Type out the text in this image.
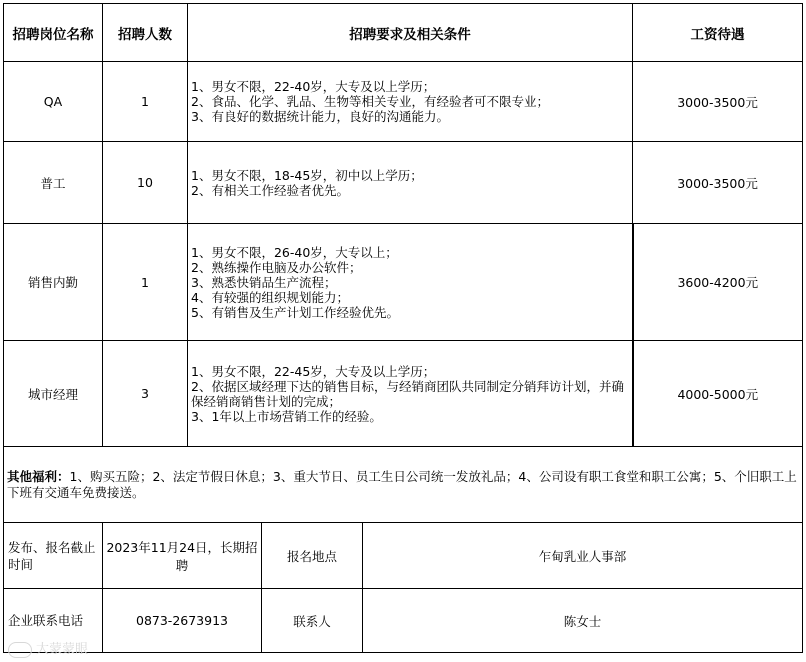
招聘岗位名称	招聘人数	招聘要求及相关条件			工资待遇
QA	1	1、男女不限，22-40岁，大专及以上学历；
2、食品、化学、乳品、生物等相关专业，有经验者可不限专业；
3、有良好的数据统计能力，良好的沟通能力。			3000-3500元
普工	10	1、男女不限，18-45岁，初中以上学历；
2、有相关工作经验者优先。			3000-3500元
销售内勤	1	1、男女不限，26-40岁，大专以上；
2、熟练操作电脑及办公软件；
3、熟悉快销品生产流程；
4、有较强的组织规划能力；
5、有销售及生产计划工作经验优先。			3600-4200元
城市经理	3	1、男女不限，22-45岁，大专及以上学历；
2、依据区域经理下达的销售目标，与经销商团队共同制定分销拜访计划，并确保经销商销售计划的完成；
3、1年以上市场营销工作的经验。			4000-5000元
其他福利：1、购买五险；2、法定节假日休息；3、重大节日、员工生日公司统一发放礼品；4、公司设有职工食堂和职工公寓；5、个旧职工上下班有交通车免费接送。					
发布、报名截止时间	2023年11月24日，长期招聘		报名地点	乍甸乳业人事部	
企业联系电话	0873-2673913		联系人	陈女士	
大蒙蒙眼
